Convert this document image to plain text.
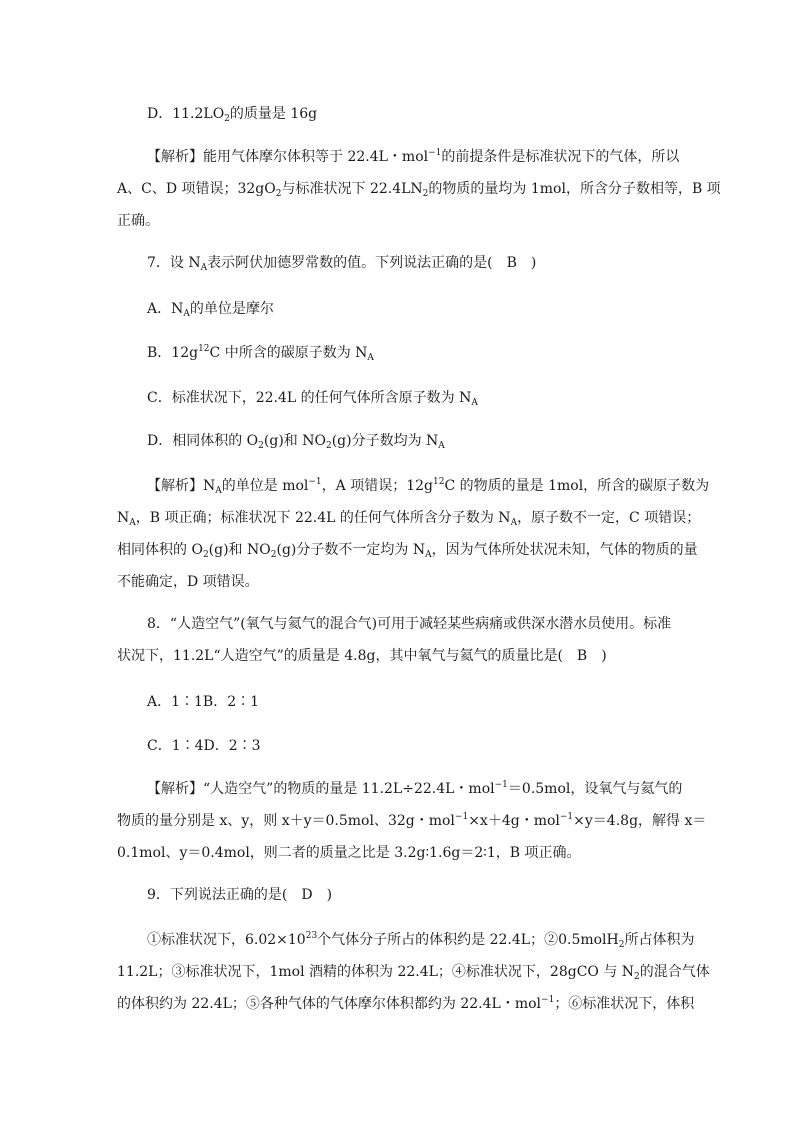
D．$11.2LO_2$的质量是 16g
【解析】能用气体摩尔体积等于 22.4L・mol$^{-1}$的前提条件是标准状况下的气体，所以
A、C、D 项错误；$32gO_2$与标准状况下 $22.4LN_2$的物质的量均为 1mol，所含分子数相等，B 项
正确。
7．设 $N_A$表示阿伏加德罗常数的值。下列说法正确的是(　B　)
A．$N_A$的单位是摩尔
B．$12g^{12}C$ 中所含的碳原子数为 $N_A$
C．标准状况下，22.4L 的任何气体所含原子数为 $N_A$
D．相同体积的 $O_2(g)$和 $NO_2(g)$分子数均为 $N_A$
【解析】$N_A$的单位是 mol$^{-1}$，A 项错误；$12g^{12}C$ 的物质的量是 1mol，所含的碳原子数为
$N_A$，B 项正确；标准状况下 22.4L 的任何气体所含分子数为 $N_A$，原子数不一定，C 项错误；
相同体积的 $O_2(g)$和 $NO_2(g)$分子数不一定均为 $N_A$，因为气体所处状况未知，气体的物质的量
不能确定，D 项错误。
8．“人造空气”(氧气与氦气的混合气)可用于减轻某些病痛或供深水潜水员使用。标准
状况下，11.2L“人造空气”的质量是 4.8g，其中氧气与氦气的质量比是(　B　)
A．1∶1B．2∶1
C．1∶4D．2∶3
【解析】“人造空气”的物质的量是 11.2L÷22.4L・mol$^{-1}$＝0.5mol，设氧气与氦气的
物质的量分别是 x、y，则 x＋y＝0.5mol、32g・mol$^{-1}$×x＋4g・mol$^{-1}$×y＝4.8g，解得 x＝
0.1mol、y＝0.4mol，则二者的质量之比是 3.2g∶1.6g＝2∶1，B 项正确。
9．下列说法正确的是(　D　)
①标准状况下，$6.02\times 10^{23}$个气体分子所占的体积约是 22.4L；②0.5molH$_2$所占体积为
11.2L；③标准状况下，1mol 酒精的体积为 22.4L；④标准状况下，28gCO 与 $N_2$的混合气体
的体积约为 22.4L；⑤各种气体的气体摩尔体积都约为 22.4L・mol$^{-1}$；⑥标准状况下，体积
